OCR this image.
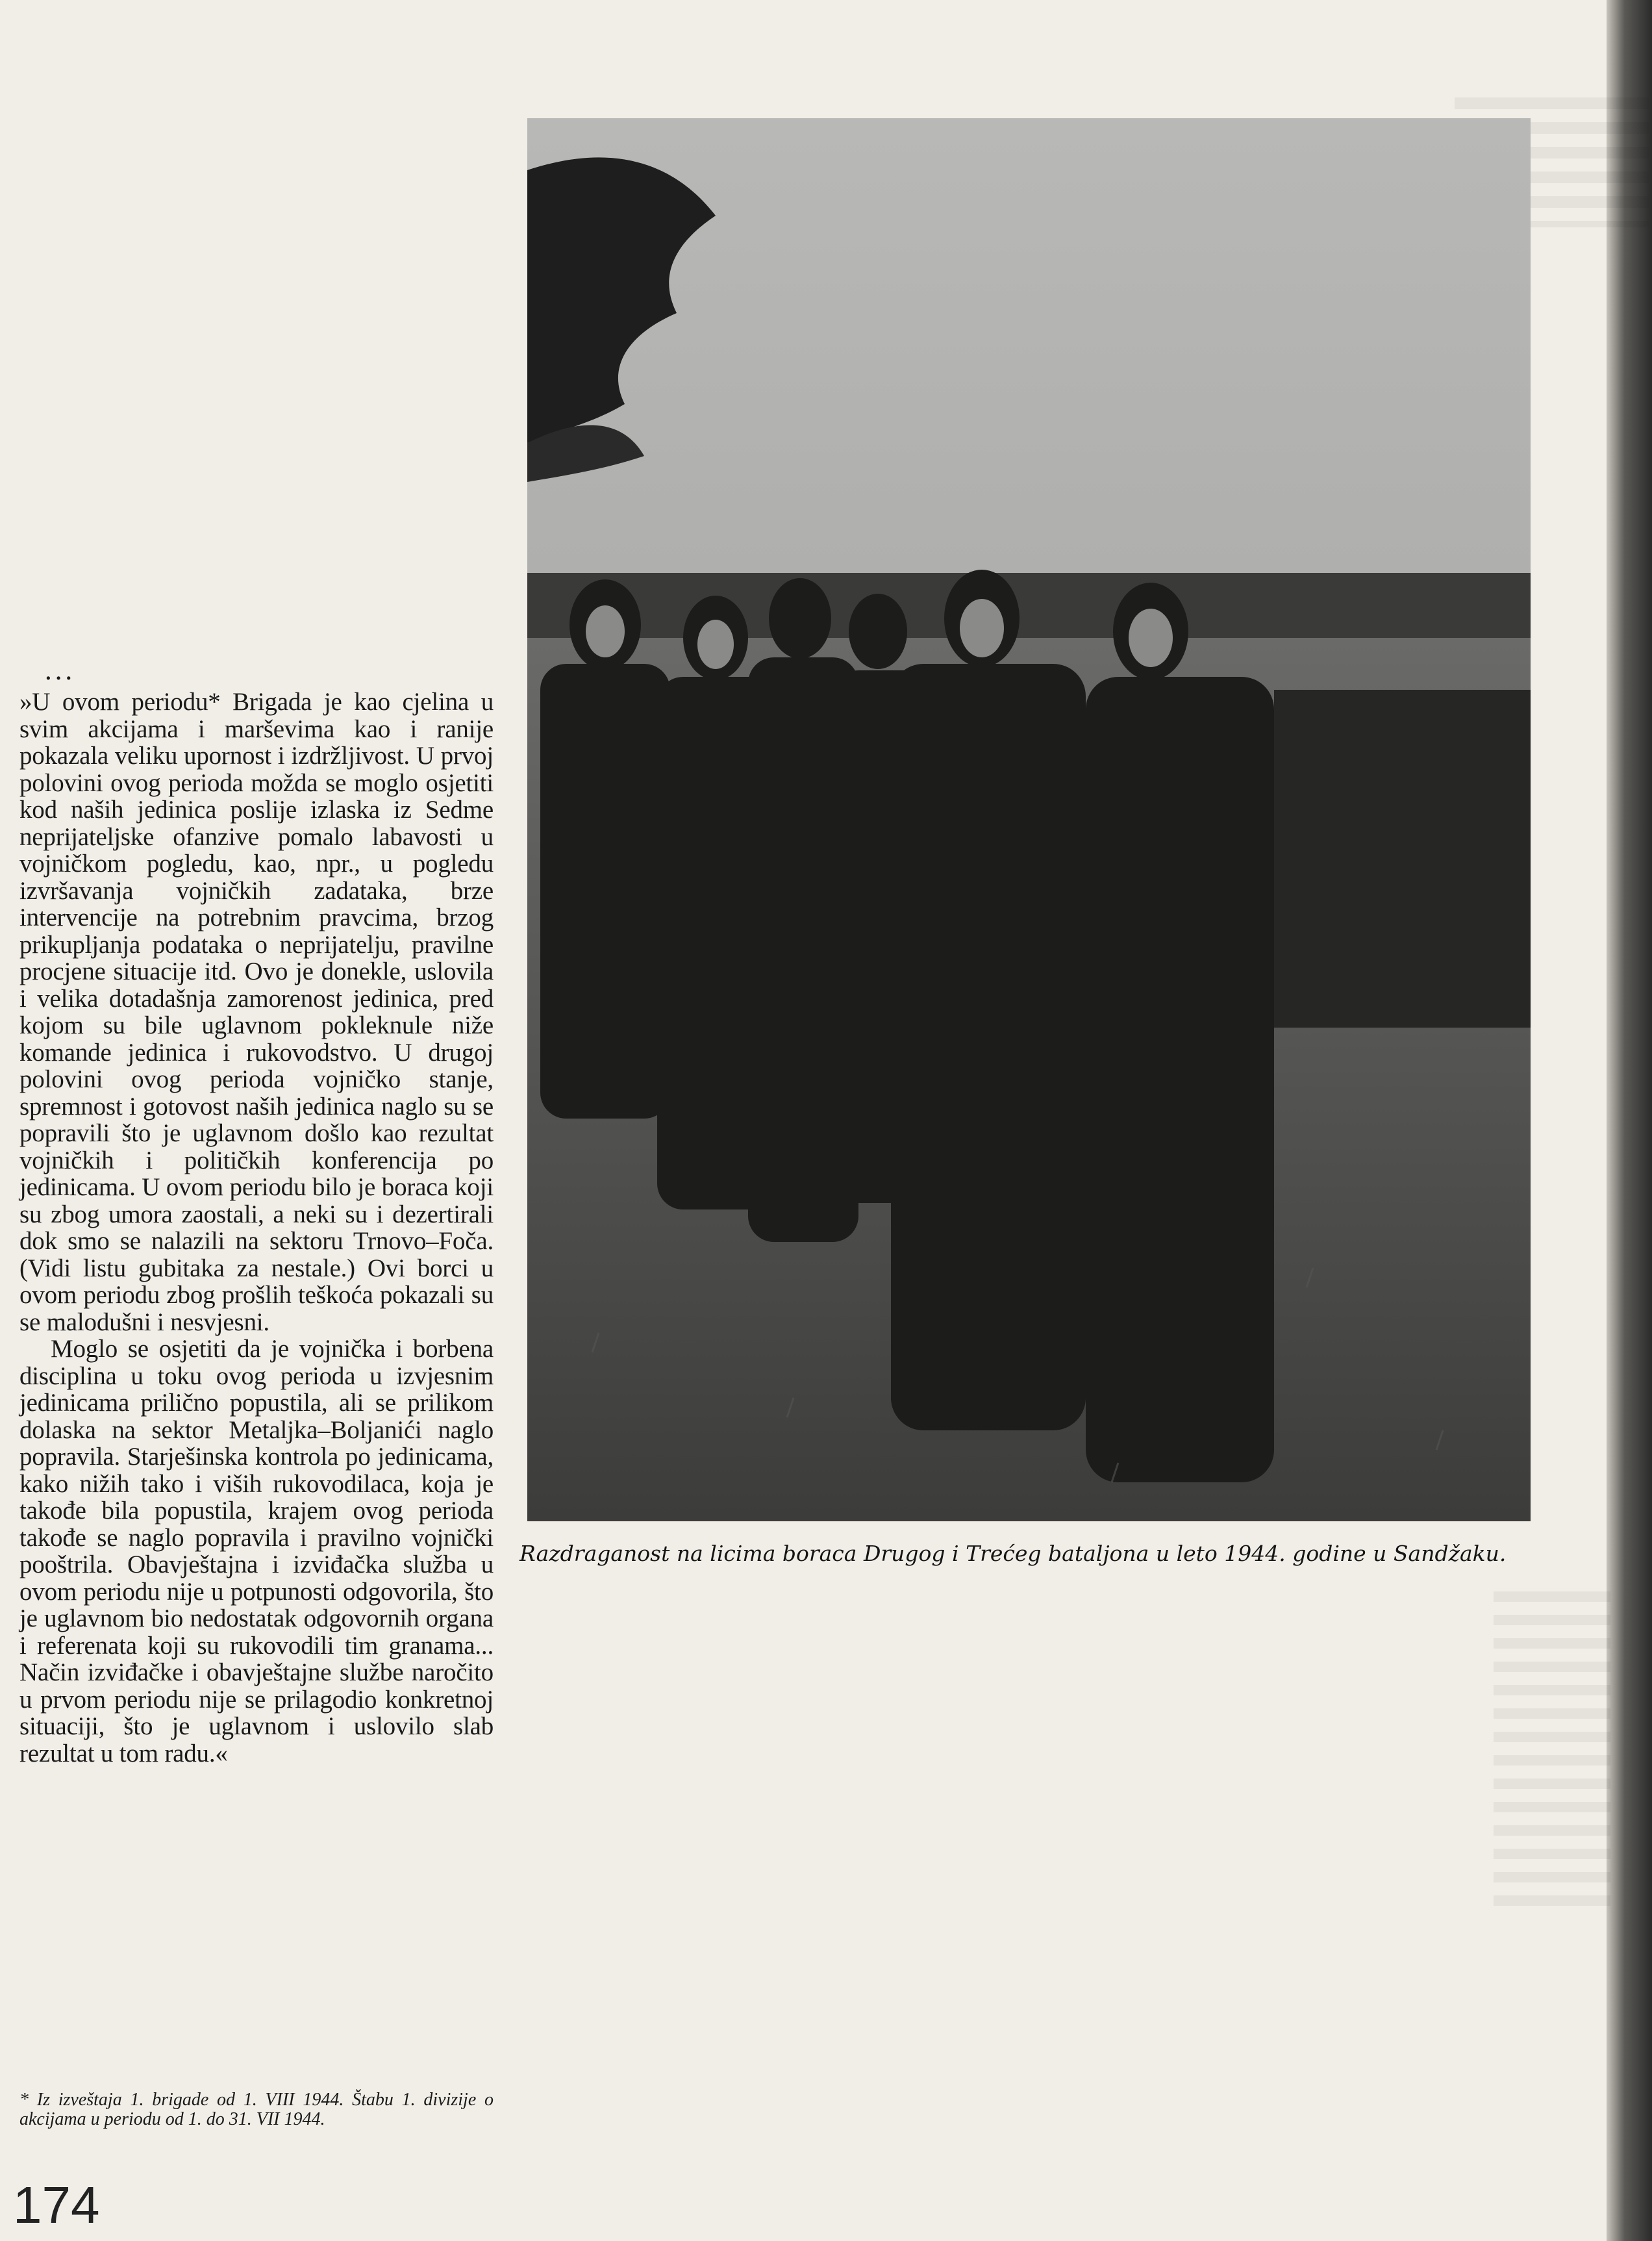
Razdraganost na licima boraca Drugog i Trećeg bataljona u leto 1944. godine u Sandžaku.
...

»U ovom periodu* Brigada je kao cjelina u svim akcijama i marševima kao i ranije pokazala veliku upornost i izdržljivost. U prvoj polovini ovog perioda možda se moglo osjetiti kod naših jedinica poslije izlaska iz Sedme neprijateljske ofanzive pomalo labavosti u vojničkom pogledu, kao, npr., u pogledu izvršavanja vojničkih zadataka, brze intervencije na potrebnim pravcima, brzog prikupljanja podataka o neprijatelju, pravilne procjene situacije itd. Ovo je donekle, uslovila i velika dotadašnja zamorenost jedinica, pred kojom su bile uglavnom pokleknule niže komande jedinica i rukovodstvo. U drugoj polovini ovog perioda vojničko stanje, spremnost i gotovost naših jedinica naglo su se popravili što je uglavnom došlo kao rezultat vojničkih i političkih konferencija po jedinicama. U ovom periodu bilo je boraca koji su zbog umora zaostali, a neki su i dezertirali dok smo se nalazili na sektoru Trnovo–Foča. (Vidi listu gubitaka za nestale.) Ovi borci u ovom periodu zbog prošlih teškoća pokazali su se malodušni i nesvjesni.

Moglo se osjetiti da je vojnička i borbena disciplina u toku ovog perioda u izvjesnim jedinicama prilično popustila, ali se prilikom dolaska na sektor Metaljka–Boljanići naglo popravila. Starješinska kontrola po jedinicama, kako nižih tako i viših rukovodilaca, koja je takođe bila popustila, krajem ovog perioda takođe se naglo popravila i pravilno vojnički pooštrila. Obavještajna i izviđačka služba u ovom periodu nije u potpunosti odgovorila, što je uglavnom bio nedostatak odgovornih organa i referenata koji su rukovodili tim granama... Način izviđačke i obavještajne službe naročito u prvom periodu nije se prilagodio konkretnoj situaciji, što je uglavnom i uslovilo slab rezultat u tom radu.«

* Iz izveštaja 1. brigade od 1. VIII 1944. Štabu 1. divizije o akcijama u periodu od 1. do 31. VII 1944.
174
